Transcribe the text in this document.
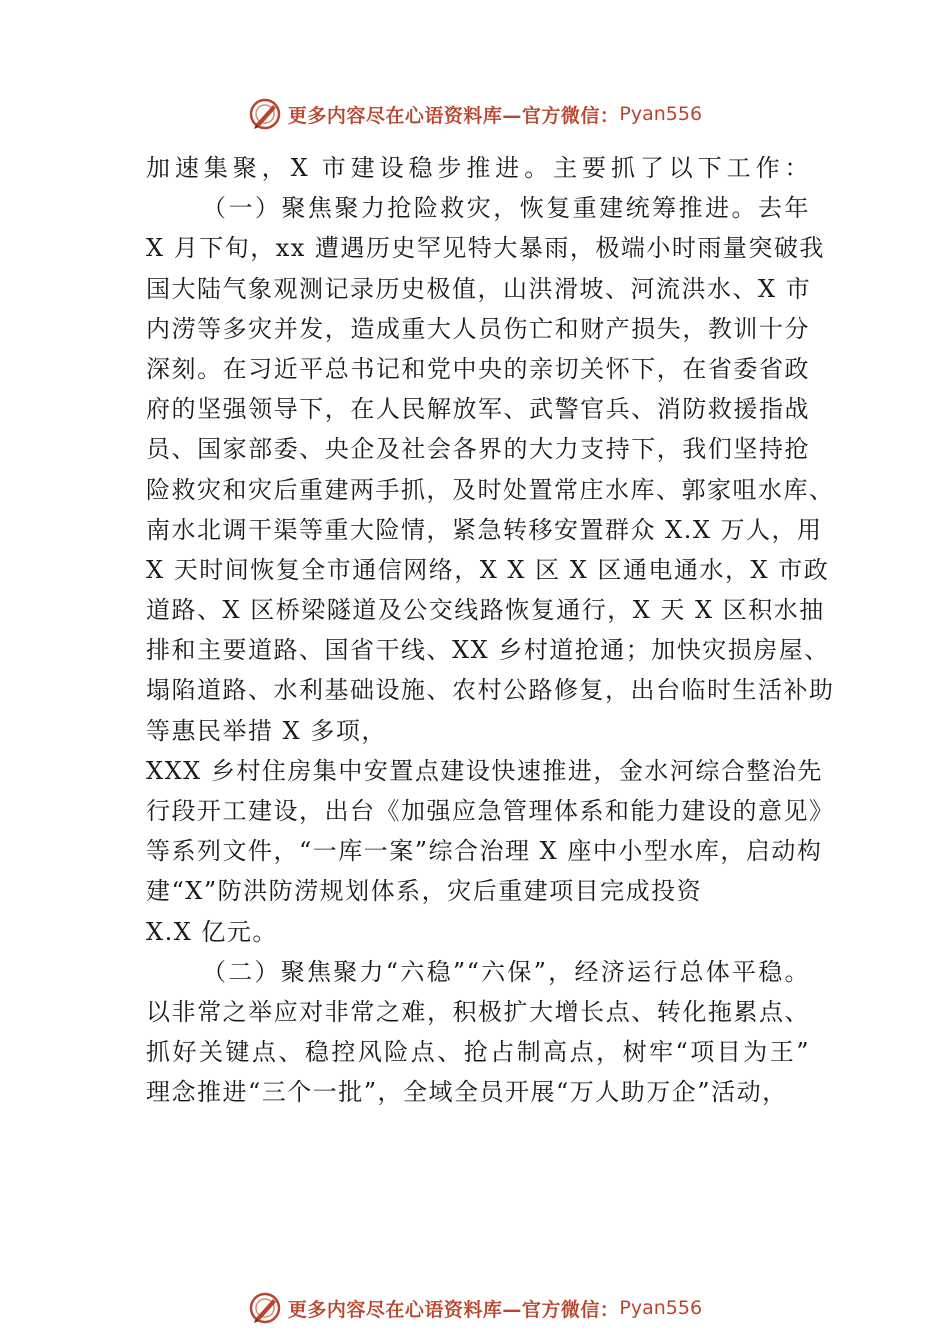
更多内容尽在心语资料库—官方微信： Pyan556
加速集聚，X 市建设稳步推进。主要抓了以下工作：
（一）聚焦聚力抢险救灾，恢复重建统筹推进。去年
X 月下旬，xx 遭遇历史罕见特大暴雨，极端小时雨量突破我
国大陆气象观测记录历史极值，山洪滑坡、河流洪水、X 市
内涝等多灾并发，造成重大人员伤亡和财产损失，教训十分
深刻。在习近平总书记和党中央的亲切关怀下，在省委省政
府的坚强领导下，在人民解放军、武警官兵、消防救援指战
员、国家部委、央企及社会各界的大力支持下，我们坚持抢
险救灾和灾后重建两手抓，及时处置常庄水库、郭家咀水库、
南水北调干渠等重大险情，紧急转移安置群众 X.X 万人，用
X 天时间恢复全市通信网络，X X 区 X 区通电通水，X 市政
道路、X 区桥梁隧道及公交线路恢复通行，X 天 X 区积水抽
排和主要道路、国省干线、XX 乡村道抢通；加快灾损房屋、
塌陷道路、水利基础设施、农村公路修复，出台临时生活补助
等惠民举措 X 多项，
XXX 乡村住房集中安置点建设快速推进，金水河综合整治先
行段开工建设，出台《加强应急管理体系和能力建设的意见》
等系列文件，“一库一案”综合治理 X 座中小型水库，启动构
建“X”防洪防涝规划体系，灾后重建项目完成投资
X.X 亿元。
（二）聚焦聚力“六稳”“六保”，经济运行总体平稳。
以非常之举应对非常之难，积极扩大增长点、转化拖累点、
抓好关键点、稳控风险点、抢占制高点，树牢“项目为王”
理念推进“三个一批”，全域全员开展“万人助万企”活动，
更多内容尽在心语资料库—官方微信： Pyan556
